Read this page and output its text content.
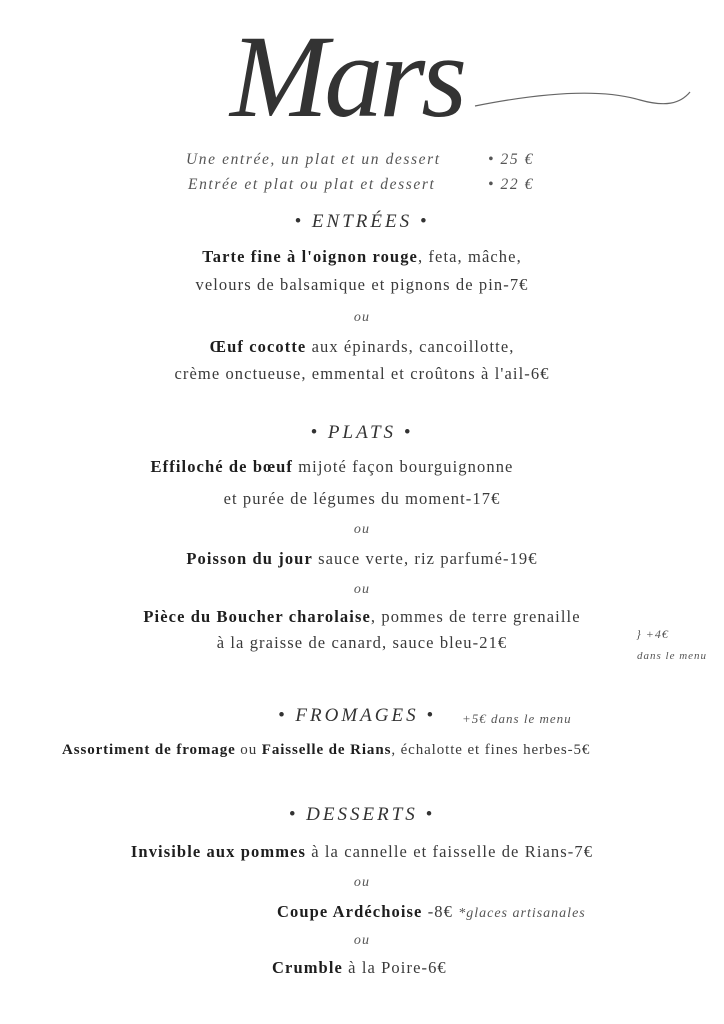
Mars
Une entrée, un plat et un dessert	• 25 €
Entrée et plat ou plat et dessert	• 22 €
• ENTRÉES •
Tarte fine à l'oignon rouge, feta, mâche,
velours de balsamique et pignons de pin-7€
ou
Œuf cocotte aux épinards, cancoillotte,
crème onctueuse, emmental et croûtons à l'ail-6€
• PLATS •
Effiloché de bœuf mijoté façon bourguignonne
et purée de légumes du moment-17€
ou
Poisson du jour sauce verte, riz parfumé-19€
ou
Pièce du Boucher charolaise, pommes de terre grenaille
à la graisse de canard, sauce bleu-21€	} +4€
dans le menu
• FROMAGES • +5€ dans le menu
Assortiment de fromage ou Faisselle de Rians, échalotte et fines herbes-5€
• DESSERTS •
Invisible aux pommes à la cannelle et faisselle de Rians-7€
ou
Coupe Ardéchoise -8€ *glaces artisanales
ou
Crumble à la Poire-6€
